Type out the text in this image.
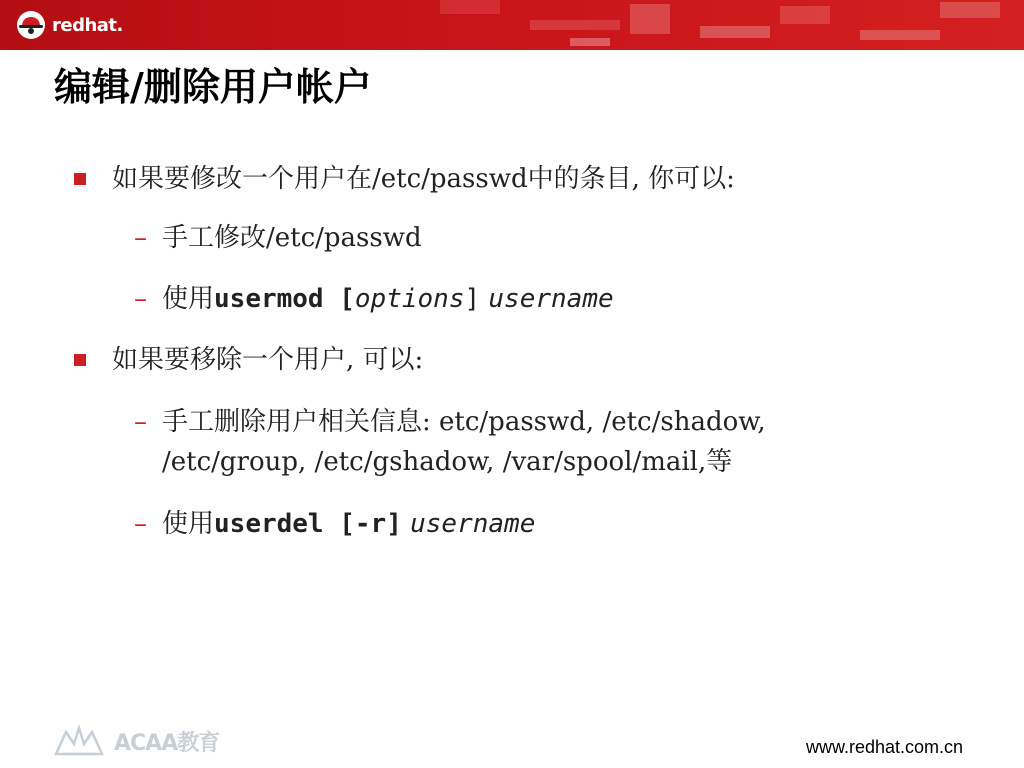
redhat.
编辑/删除用户帐户
如果要修改一个用户在/etc/passwd中的条目, 你可以:
– 手工修改/etc/passwd
– 使用usermod [options] username
如果要移除一个用户, 可以:
– 手工删除用户相关信息: etc/passwd, /etc/shadow,
/etc/group, /etc/gshadow, /var/spool/mail,等
– 使用userdel [-r] username
ACAA教育	www.redhat.com.cn
